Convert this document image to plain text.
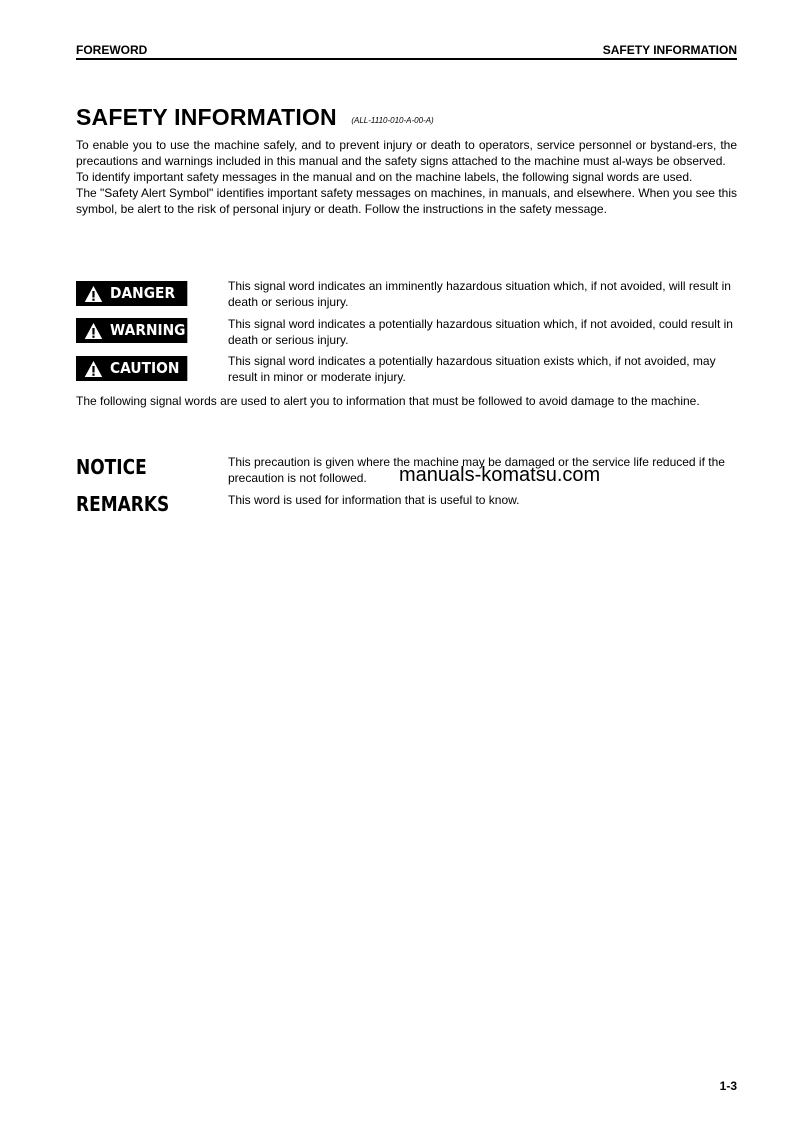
FOREWORD	SAFETY INFORMATION
SAFETY INFORMATION (ALL-1110-010-A-00-A)

To enable you to use the machine safely, and to prevent injury or death to operators, service personnel or bystand-ers, the precautions and warnings included in this manual and the safety signs attached to the machine must al-ways be observed.

To identify important safety messages in the manual and on the machine labels, the following signal words are used.

The "Safety Alert Symbol" identifies important safety messages on machines, in manuals, and elsewhere. When you see this symbol, be alert to the risk of personal injury or death. Follow the instructions in the safety message.

DANGER	This signal word indicates an imminently hazardous situation which, if not avoided, will result in death or serious injury.
WARNING	This signal word indicates a potentially hazardous situation which, if not avoided, could result in death or serious injury.
CAUTION	This signal word indicates a potentially hazardous situation exists which, if not avoided, may result in minor or moderate injury.
The following signal words are used to alert you to information that must be followed to avoid damage to the machine.
NOTICE	This precaution is given where the machine may be damaged or the service life reduced if the precaution is not followed.
REMARKS	This word is used for information that is useful to know.
manuals-komatsu.com
1-3
